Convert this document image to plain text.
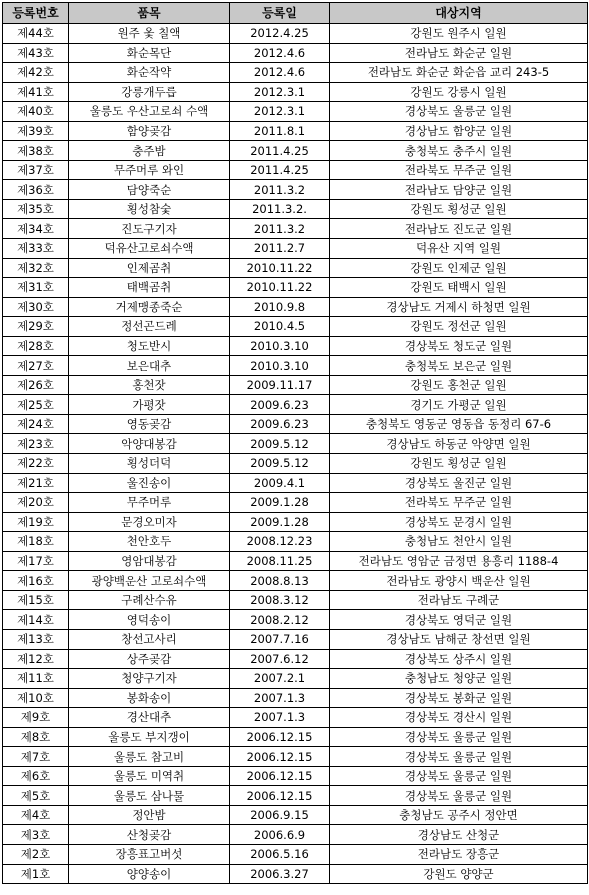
등록번호	품목	등록일	대상지역
제44호	원주 옻 칠액	2012.4.25	강원도 원주시 일원
제43호	화순목단	2012.4.6	전라남도 화순군 일원
제42호	화순작약	2012.4.6	전라남도 화순군 화순읍 교리 243-5
제41호	강릉개두릅	2012.3.1	강원도 강릉시 일원
제40호	울릉도 우산고로쇠 수액	2012.3.1	경상북도 울릉군 일원
제39호	함양곶감	2011.8.1	경상남도 함양군 일원
제38호	충주밤	2011.4.25	충청북도 충주시 일원
제37호	무주머루 와인	2011.4.25	전라북도 무주군 일원
제36호	담양죽순	2011.3.2	전라남도 담양군 일원
제35호	횡성참숯	2011.3.2.	강원도 횡성군 일원
제34호	진도구기자	2011.3.2	전라남도 진도군 일원
제33호	덕유산고로쇠수액	2011.2.7	덕유산 지역 일원
제32호	인제곰취	2010.11.22	강원도 인제군 일원
제31호	태백곰취	2010.11.22	강원도 태백시 일원
제30호	거제맹종죽순	2010.9.8	경상남도 거제시 하청면 일원
제29호	정선곤드레	2010.4.5	강원도 정선군 일원
제28호	청도반시	2010.3.10	경상북도 청도군 일원
제27호	보은대추	2010.3.10	충청북도 보은군 일원
제26호	홍천잣	2009.11.17	강원도 홍천군 일원
제25호	가평잣	2009.6.23	경기도 가평군 일원
제24호	영동곶감	2009.6.23	충청북도 영동군 영동읍 동정리 67-6
제23호	악양대봉감	2009.5.12	경상남도 하동군 악양면 일원
제22호	횡성더덕	2009.5.12	강원도 횡성군 일원
제21호	울진송이	2009.4.1	경상북도 울진군 일원
제20호	무주머루	2009.1.28	전라북도 무주군 일원
제19호	문경오미자	2009.1.28	경상북도 문경시 일원
제18호	천안호두	2008.12.23	충청남도 천안시 일원
제17호	영암대봉감	2008.11.25	전라남도 영암군 금정면 용흥리 1188-4
제16호	광양백운산 고로쇠수액	2008.8.13	전라남도 광양시 백운산 일원
제15호	구례산수유	2008.3.12	전라남도 구례군
제14호	영덕송이	2008.2.12	경상북도 영덕군 일원
제13호	창선고사리	2007.7.16	경상남도 남해군 창선면 일원
제12호	상주곶감	2007.6.12	경상북도 상주시 일원
제11호	청양구기자	2007.2.1	충청남도 청양군 일원
제10호	봉화송이	2007.1.3	경상북도 봉화군 일원
제9호	경산대추	2007.1.3	경상북도 경산시 일원
제8호	울릉도 부지갱이	2006.12.15	경상북도 울릉군 일원
제7호	울릉도 참고비	2006.12.15	경상북도 울릉군 일원
제6호	울릉도 미역취	2006.12.15	경상북도 울릉군 일원
제5호	울릉도 삼나물	2006.12.15	경상북도 울릉군 일원
제4호	정안밤	2006.9.15	충청남도 공주시 정안면
제3호	산청곶감	2006.6.9	경상남도 산청군
제2호	장흥표고버섯	2006.5.16	전라남도 장흥군
제1호	양양송이	2006.3.27	강원도 양양군
